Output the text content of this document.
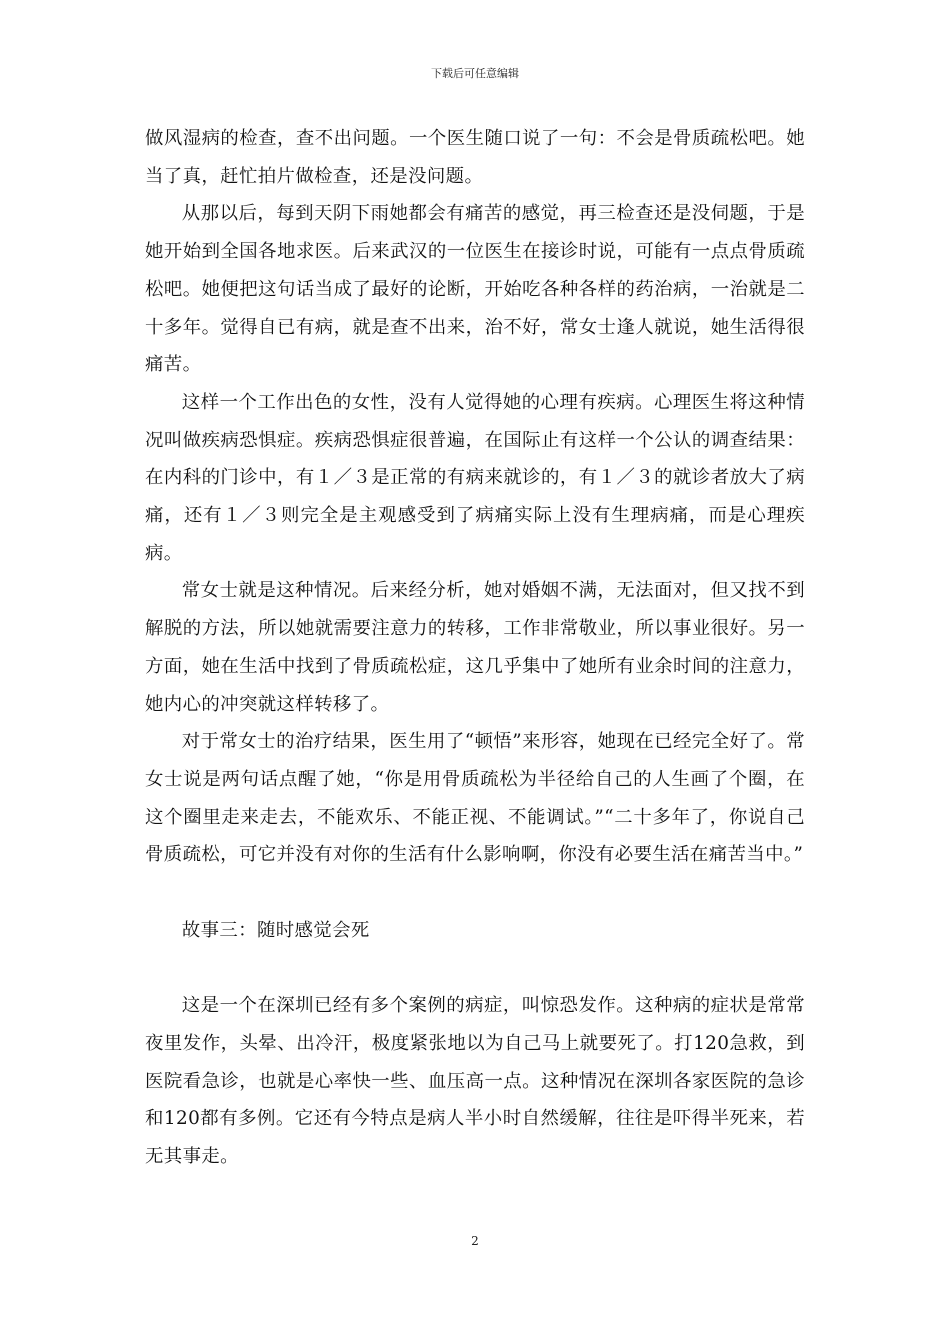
下载后可任意编辑

做风湿病的检查，查不出问题。一个医生随口说了一句：不会是骨质疏松吧。她当了真，赶忙拍片做检查，还是没问题。

从那以后，每到天阴下雨她都会有痛苦的感觉，再三检查还是没伺题，于是她开始到全国各地求医。后来武汉的一位医生在接诊时说，可能有一点点骨质疏松吧。她便把这句话当成了最好的论断，开始吃各种各样的药治病，一治就是二十多年。觉得自已有病，就是查不出来，治不好，常女士逢人就说，她生活得很痛苦。

这样一个工作出色的女性，没有人觉得她的心理有疾病。心理医生将这种情况叫做疾病恐惧症。疾病恐惧症很普遍，在国际止有这样一个公认的调查结果：在内科的门诊中，有１／３是正常的有病来就诊的，有１／３的就诊者放大了病痛，还有１／３则完全是主观感受到了病痛实际上没有生理病痛，而是心理疾病。

常女士就是这种情况。后来经分析，她对婚姻不满，无法面对，但又找不到解脱的方法，所以她就需要注意力的转移，工作非常敬业，所以事业很好。另一方面，她在生活中找到了骨质疏松症，这几乎集中了她所有业余时间的注意力，她内心的冲突就这样转移了。

对于常女士的治疗结果，医生用了“顿悟”来形容，她现在已经完全好了。常女士说是两句话点醒了她，“你是用骨质疏松为半径给自己的人生画了个圈，在这个圈里走来走去，不能欢乐、不能正视、不能调试。”“二十多年了，你说自己骨质疏松，可它并没有对你的生活有什么影响啊，你没有必要生活在痛苦当中。”

故事三：随时感觉会死

这是一个在深圳已经有多个案例的病症，叫惊恐发作。这种病的症状是常常夜里发作，头晕、出冷汗，极度紧张地以为自己马上就要死了。打120急救，到医院看急诊，也就是心率快一些、血压高一点。这种情况在深圳各家医院的急诊和120都有多例。它还有今特点是病人半小时自然缓解，往往是吓得半死来，若无其事走。

2
